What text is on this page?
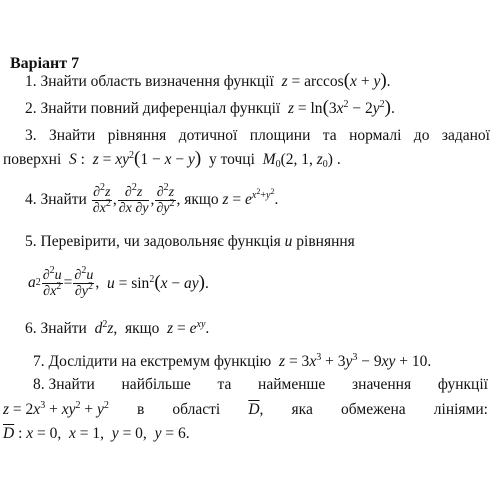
Варіант 7
1. Знайти область визначення функції z = arccos(x + y).
2. Знайти повний диференціал функції $z = \ln(3x^2 - 2y^2)$.
3. Знайти рівняння дотичної площини та нормалі до заданої
поверхні S :  $z = xy^2(1 - x - y)$ у точці $M_0(2$, 1, $z_0$) .
4.
Знайти
$\frac{\partial^2z}{\partial x^2}$ , $\frac{\partial^2z}{\partial x \partial y}$ , $\frac{\partial^2z}{\partial y^2}$ , якщо $z = e^{x^2+y^2}$.
5. Перевірити, чи задовольняє функція u рівняння
a $2 \frac{\partial^2u}{\partial x^2} = \frac{\partial^2u}{\partial y^2}$ , $u = \sin^2(x - ay)$.
6. Знайти $d^2z$,  якщо $z = e^{xy}$.
7. Дослідити на екстремум функцію $z = 3x^3 + 3y^3 - 9xy + 10$.
8. Знайти найбільше та найменше значення функції
$z = 2x^3 + xy^2 + y^2$ в області $\overline{D}$, яка обмежена лініями:
$\overline{D}$ : x = 0,  x = 1,  y = 0,  y = 6.
